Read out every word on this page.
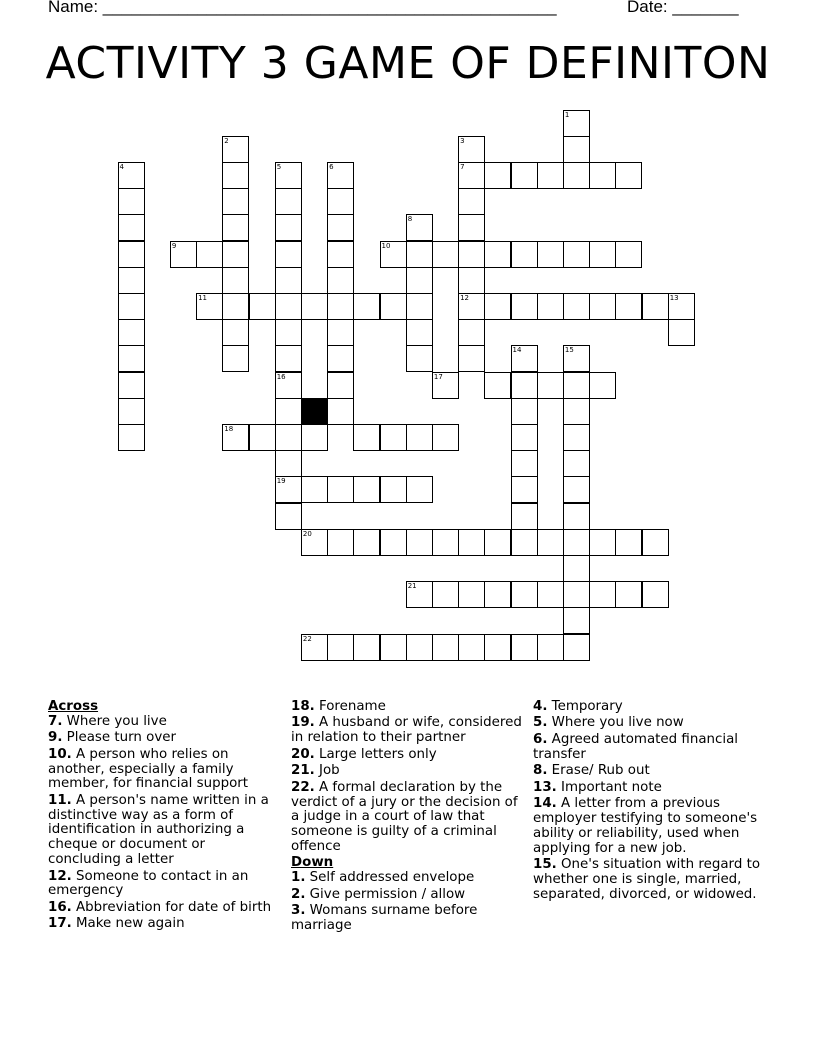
Name: ________________________________________________	Date: _______
ACTIVITY 3 GAME OF DEFINITON
1
2	3
7
4	5
16
19
6
8
9	10
11	12	13
14	15
17
18
20
21
22
Across
7. Where you live
9. Please turn over
10. A person who relies on another, especially a family member, for financial support
11. A person's name written in a distinctive way as a form of identification in authorizing a cheque or document or concluding a letter
12. Someone to contact in an emergency
16. Abbreviation for date of birth
17. Make new again
18. Forename
19. A husband or wife, considered in relation to their partner
20. Large letters only
21. Job
22. A formal declaration by the verdict of a jury or the decision of a judge in a court of law that someone is guilty of a criminal offence
Down
1. Self addressed envelope
2. Give permission / allow
3. Womans surname before marriage
4. Temporary
5. Where you live now
6. Agreed automated financial transfer
8. Erase/ Rub out
13. Important note
14. A letter from a previous employer testifying to someone's ability or reliability, used when applying for a new job.
15. One's situation with regard to whether one is single, married, separated, divorced, or widowed.
